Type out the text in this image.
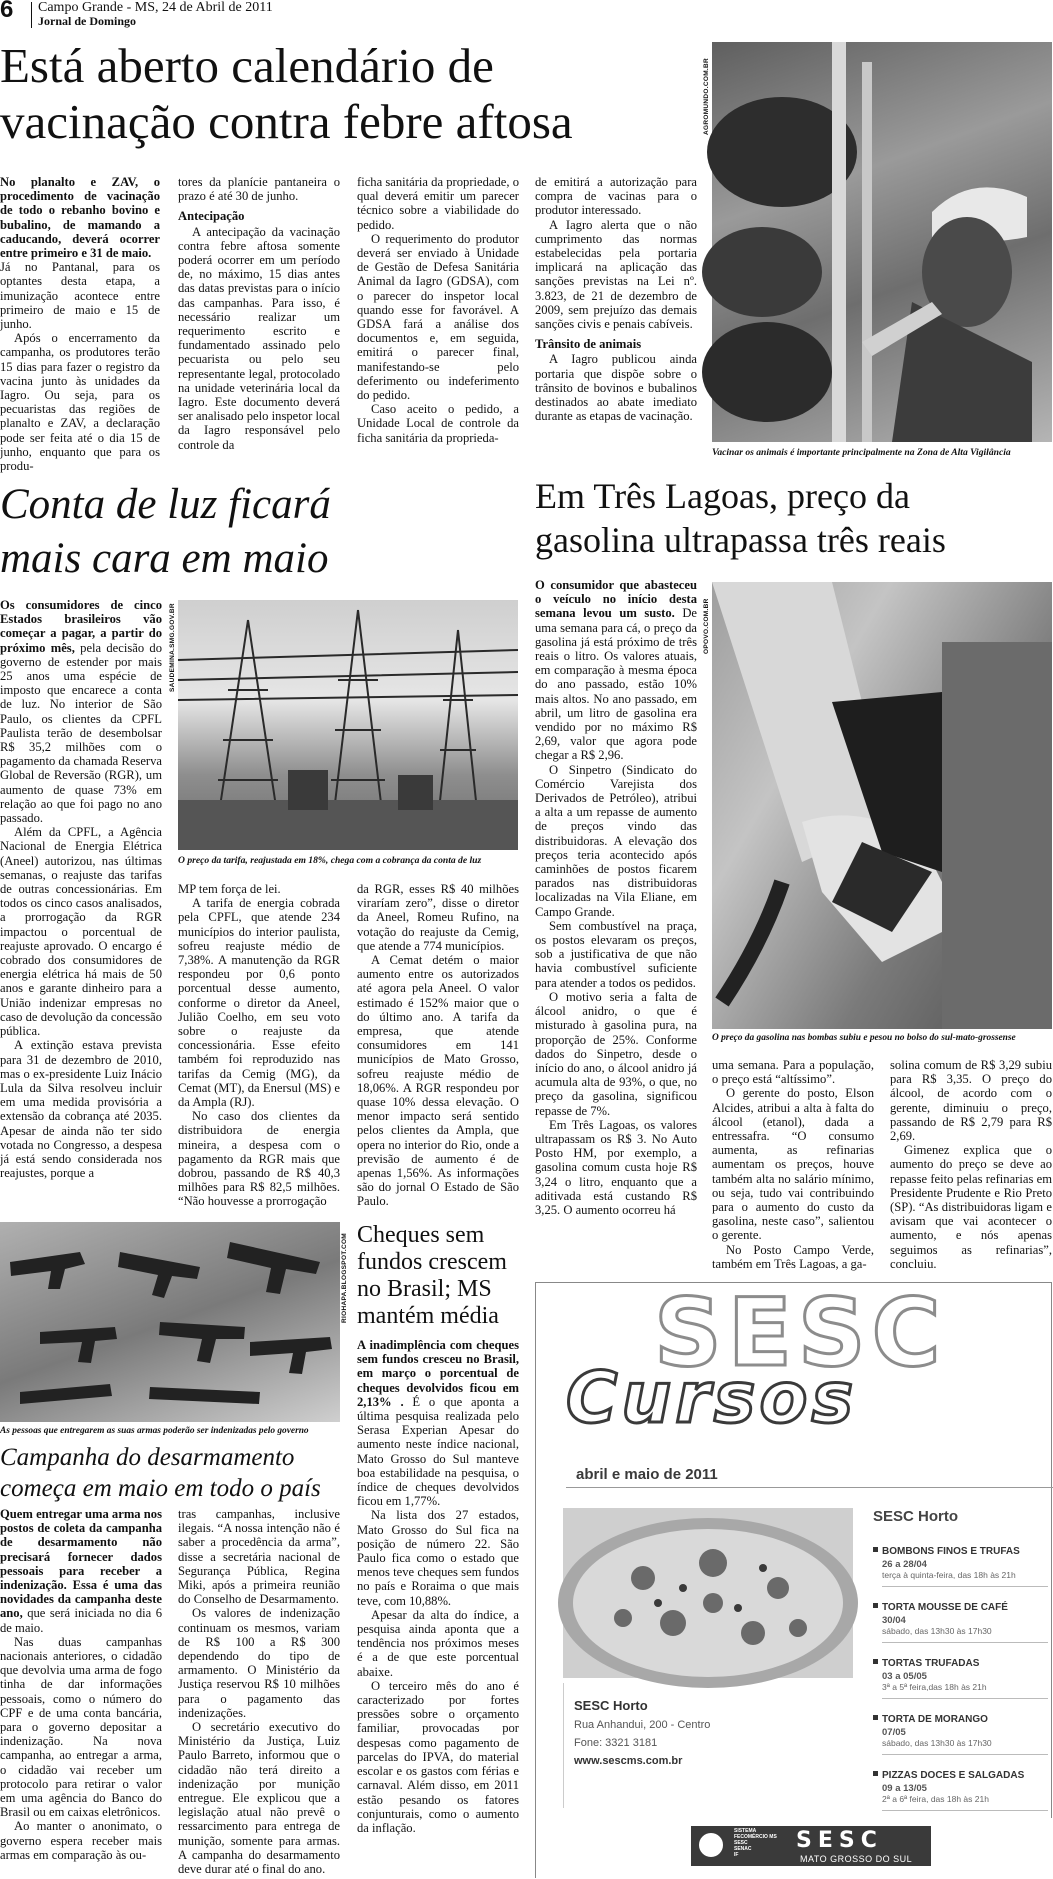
6 Campo Grande - MS, 24 de Abril de 2011
Jornal de Domingo
Está aberto calendário de vacinação contra febre aftosa

No planalto e ZAV, o procedimento de vacinação de todo o rebanho bovino e bubalino, de mamando a caducando, deverá ocorrer entre primeiro e 31 de maio.

Já no Pantanal, para os optantes desta etapa, a imunização acontece entre primeiro de maio e 15 de junho.

Após o encerramento da campanha, os produtores terão 15 dias para fazer o registro da vacina junto às unidades da Iagro. Ou seja, para os pecuaristas das regiões de planalto e ZAV, a declaração pode ser feita até o dia 15 de junho, enquanto que para os produ-

tores da planície pantaneira o prazo é até 30 de junho.

Antecipação

A antecipação da vacinação contra febre aftosa somente poderá ocorrer em um período de, no máximo, 15 dias antes das datas previstas para o início das campanhas. Para isso, é necessário realizar um requerimento escrito e fundamentado assinado pelo pecuarista ou pelo seu representante legal, protocolado na unidade veterinária local da Iagro. Este documento deverá ser analisado pelo inspetor local da Iagro responsável pelo controle da

ficha sanitária da propriedade, o qual deverá emitir um parecer técnico sobre a viabilidade do pedido.

O requerimento do produtor deverá ser enviado à Unidade de Gestão de Defesa Sanitária Animal da Iagro (GDSA), com o parecer do inspetor local quando esse for favorável. A GDSA fará a análise dos documentos e, em seguida, emitirá o parecer final, manifestando-se pelo deferimento ou indeferimento do pedido.

Caso aceito o pedido, a Unidade Local de controle da ficha sanitária da proprieda-

de emitirá a autorização para compra de vacinas para o produtor interessado.

A Iagro alerta que o não cumprimento das normas estabelecidas pela portaria implicará na aplicação das sanções previstas na Lei nº. 3.823, de 21 de dezembro de 2009, sem prejuízo das demais sanções civis e penais cabíveis.

Trânsito de animais

A Iagro publicou ainda portaria que dispõe sobre o trânsito de bovinos e bubalinos destinados ao abate imediato durante as etapas de vacinação.

AGROMUNDO.COM.BR
Vacinar os animais é importante principalmente na Zona de Alta Vigilância
Conta de luz ficará
mais cara em maio

Os consumidores de cinco Estados brasileiros vão começar a pagar, a partir do próximo mês, pela decisão do governo de estender por mais 25 anos uma espécie de imposto que encarece a conta de luz. No interior de São Paulo, os clientes da CPFL Paulista terão de desembolsar R$ 35,2 milhões com o pagamento da chamada Reserva Global de Reversão (RGR), um aumento de quase 73% em relação ao que foi pago no ano passado.

Além da CPFL, a Agência Nacional de Energia Elétrica (Aneel) autorizou, nas últimas semanas, o reajuste das tarifas de outras concessionárias. Em todos os cinco casos analisados, a prorrogação da RGR impactou o porcentual de reajuste aprovado. O encargo é cobrado dos consumidores de energia elétrica há mais de 50 anos e garante dinheiro para a União indenizar empresas no caso de devolução da concessão pública.

A extinção estava prevista para 31 de dezembro de 2010, mas o ex-presidente Luiz Inácio Lula da Silva resolveu incluir em uma medida provisória a extensão da cobrança até 2035. Apesar de ainda não ter sido votada no Congresso, a despesa já está sendo considerada nos reajustes, porque a

SAUDEMINA.SMG.GOV.BR
O preço da tarifa, reajustada em 18%, chega com a cobrança da conta de luz

MP tem força de lei.

A tarifa de energia cobrada pela CPFL, que atende 234 municípios do interior paulista, sofreu reajuste médio de 7,38%. A manutenção da RGR respondeu por 0,6 ponto porcentual desse aumento, conforme o diretor da Aneel, Julião Coelho, em seu voto sobre o reajuste da concessionária. Esse efeito também foi reproduzido nas tarifas da Cemig (MG), da Cemat (MT), da Enersul (MS) e da Ampla (RJ).

No caso dos clientes da distribuidora de energia mineira, a despesa com o pagamento da RGR mais que dobrou, passando de R$ 40,3 milhões para R$ 82,5 milhões. “Não houvesse a prorrogação

da RGR, esses R$ 40 milhões viraríam zero”, disse o diretor da Aneel, Romeu Rufino, na votação do reajuste da Cemig, que atende a 774 municípios.

A Cemat detém o maior aumento entre os autorizados até agora pela Aneel. O valor estimado é 152% maior que o do último ano. A tarifa da empresa, que atende consumidores em 141 municípios de Mato Grosso, sofreu reajuste médio de 18,06%. A RGR respondeu por quase 10% dessa elevação. O menor impacto será sentido pelos clientes da Ampla, que opera no interior do Rio, onde a previsão de aumento é de apenas 1,56%. As informações são do jornal O Estado de São Paulo.

Em Três Lagoas, preço da
gasolina ultrapassa três reais

O consumidor que abasteceu o veículo no início desta semana levou um susto. De uma semana para cá, o preço da gasolina já está próximo de três reais o litro. Os valores atuais, em comparação à mesma época do ano passado, estão 10% mais altos. No ano passado, em abril, um litro de gasolina era vendido por no máximo R$ 2,69, valor que agora pode chegar a R$ 2,96.

O Sinpetro (Sindicato do Comércio Varejista dos Derivados de Petróleo), atribui a alta a um repasse de aumento de preços vindo das distribuidoras. A elevação dos preços teria acontecido após caminhões de postos ficarem parados nas distribuidoras localizadas na Vila Eliane, em Campo Grande.

Sem combustível na praça, os postos elevaram os preços, sob a justificativa de que não havia combustível suficiente para atender a todos os pedidos.

O motivo seria a falta de álcool anidro, o que é misturado à gasolina pura, na proporção de 25%. Conforme dados do Sinpetro, desde o início do ano, o álcool anidro já acumula alta de 93%, o que, no preço da gasolina, significou repasse de 7%.

Em Três Lagoas, os valores ultrapassam os R$ 3. No Auto Posto HM, por exemplo, a gasolina comum custa hoje R$ 3,24 o litro, enquanto que a aditivada está custando R$ 3,25. O aumento ocorreu há

OPOVO.COM.BR
O preço da gasolina nas bombas subiu e pesou no bolso do sul-mato-grossense

uma semana. Para a população, o preço está “altíssimo”.

O gerente do posto, Elson Alcides, atribui a alta à falta do álcool (etanol), dada a entressafra. “O consumo aumenta, as refinarias aumentam os preços, houve também alta no salário mínimo, ou seja, tudo vai contribuindo para o aumento do custo da gasolina, neste caso”, salientou o gerente.

No Posto Campo Verde, também em Três Lagoas, a ga-

solina comum de R$ 3,29 subiu para R$ 3,35. O preço do álcool, de acordo com o gerente, diminuiu o preço, passando de R$ 2,79 para R$ 2,69.

Gimenez explica que o aumento do preço se deve ao repasse feito pelas refinarias em Presidente Prudente e Rio Preto (SP). “As distribuidoras ligam e avisam que vai acontecer o aumento, e nós apenas seguimos as refinarias”, concluiu.

RIOHAPA.BLOGSPOT.COM
As pessoas que entregarem as suas armas poderão ser indenizadas pelo governo
Campanha do desarmamento
começa em maio em todo o país

Quem entregar uma arma nos postos de coleta da campanha de desarmamento não precisará fornecer dados pessoais para receber a indenização. Essa é uma das novidades da campanha deste ano, que será iniciada no dia 6 de maio.

Nas duas campanhas nacionais anteriores, o cidadão que devolvia uma arma de fogo tinha de dar informações pessoais, como o número do CPF e de uma conta bancária, para o governo depositar a indenização. Na nova campanha, ao entregar a arma, o cidadão vai receber um protocolo para retirar o valor em uma agência do Banco do Brasil ou em caixas eletrônicos.

Ao manter o anonimato, o governo espera receber mais armas em comparação às ou-

tras campanhas, inclusive ilegais. “A nossa intenção não é saber a procedência da arma”, disse a secretária nacional de Segurança Pública, Regina Miki, após a primeira reunião do Conselho de Desarmamento.

Os valores de indenização continuam os mesmos, variam de R$ 100 a R$ 300 dependendo do tipo de armamento. O Ministério da Justiça reservou R$ 10 milhões para o pagamento das indenizações.

O secretário executivo do Ministério da Justiça, Luiz Paulo Barreto, informou que o cidadão não terá direito a indenização por munição entregue. Ele explicou que a legislação atual não prevê o ressarcimento para entrega de munição, somente para armas. A campanha do desarmamento deve durar até o final do ano.

Cheques sem
fundos crescem
no Brasil; MS
mantém média

A inadimplência com cheques sem fundos cresceu no Brasil, em março o porcentual de cheques devolvidos ficou em 2,13% . É o que aponta a última pesquisa realizada pelo Serasa Experian Apesar do aumento neste índice nacional, Mato Grosso do Sul manteve boa estabilidade na pesquisa, o índice de cheques devolvidos ficou em 1,77%.

Na lista dos 27 estados, Mato Grosso do Sul fica na posição de número 22. São Paulo fica como o estado que menos teve cheques sem fundos no país e Roraima o que mais teve, com 10,88%.

Apesar da alta do índice, a pesquisa ainda aponta que a tendência nos próximos meses é a de que este porcentual abaixe.

O terceiro mês do ano é caracterizado por fortes pressões sobre o orçamento familiar, provocadas por despesas como pagamento de parcelas do IPVA, do material escolar e os gastos com férias e carnaval. Além disso, em 2011 estão pesando os fatores conjunturais, como o aumento da inflação.

SESC
Cursos
abril e maio de 2011
SESC Horto
Rua Anhandui, 200 - Centro
Fone: 3321 3181
www.sescms.com.br
SESC Horto
BOMBONS FINOS E TRUFAS
26 a 28/04
terça à quinta-feira, das 18h às 21h
TORTA MOUSSE DE CAFÉ
30/04
sábado, das 13h30 às 17h30
TORTAS TRUFADAS
03 a 05/05
3ª a 5ª feira,das 18h às 21h
TORTA DE MORANGO
07/05
sábado, das 13h30 às 17h30
PIZZAS DOCES E SALGADAS
09 a 13/05
2ª a 6ª feira, das 18h às 21h
SISTEMA
FECOMÉRCIO MS
SESC
SENAC
IF
SESC
MATO GROSSO DO SUL
